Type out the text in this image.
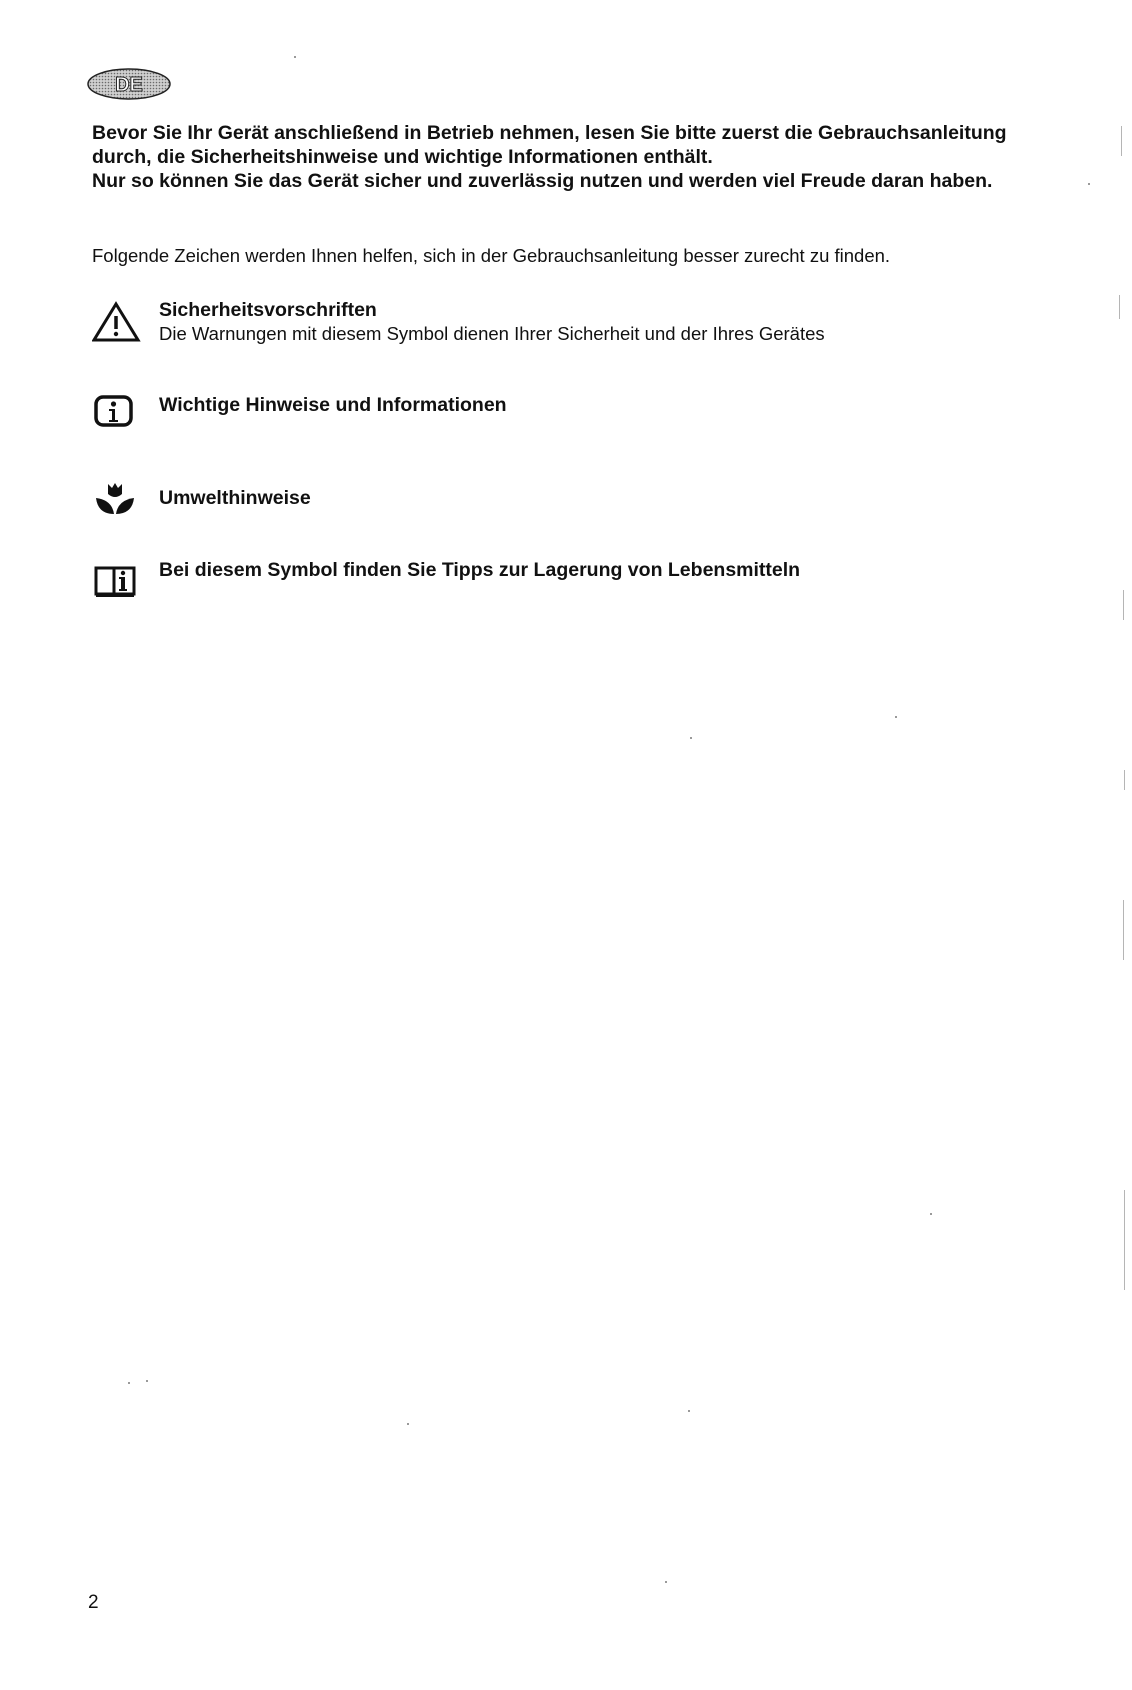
DE

Bevor Sie Ihr Gerät anschließend in Betrieb nehmen, lesen Sie bitte zuerst die Gebrauchsanleitung

durch, die Sicherheitshinweise und wichtige Informationen enthält.

Nur so können Sie das Gerät sicher und zuverlässig nutzen und werden viel Freude daran haben.

Folgende Zeichen werden Ihnen helfen, sich in der Gebrauchsanleitung besser zurecht zu finden.

Sicherheitsvorschriften
Die Warnungen mit diesem Symbol dienen Ihrer Sicherheit und der Ihres Gerätes
Wichtige Hinweise und Informationen
Umwelthinweise
Bei diesem Symbol finden Sie Tipps zur Lagerung von Lebensmitteln
2
